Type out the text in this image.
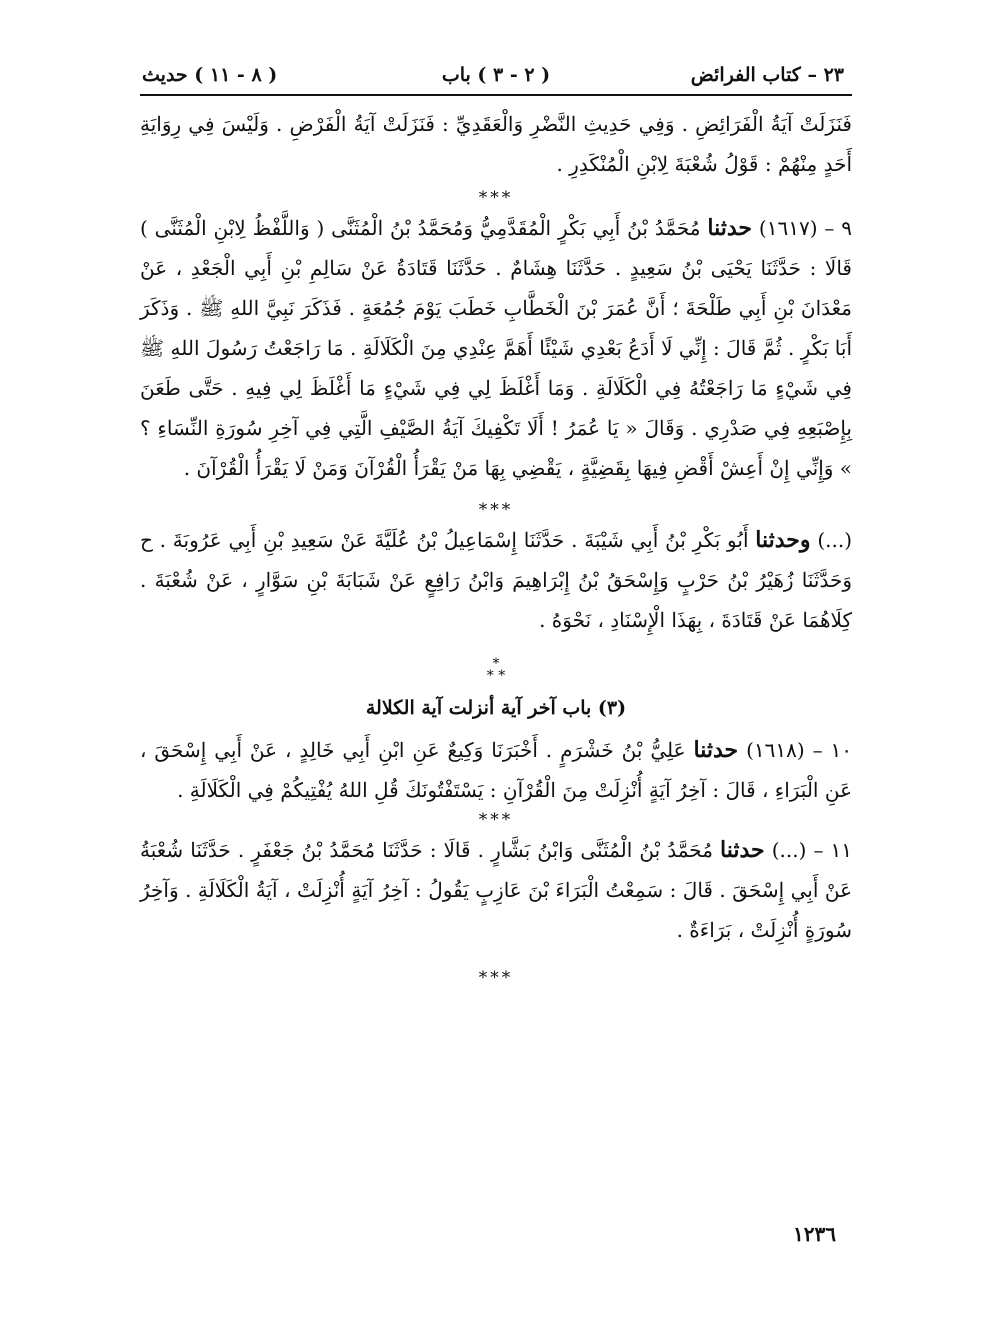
٢٣ – كتاب الفرائض
( ٢ - ٣ ) باب
( ٨ - ١١ ) حديث

فَنَزَلَتْ آيَةُ الْفَرَائِضِ . وَفِي حَدِيثِ النَّضْرِ وَالْعَقَدِيِّ : فَنَزَلَتْ آيَةُ الْفَرْضِ . وَلَيْسَ فِي رِوَايَةِ أَحَدٍ مِنْهُمْ : قَوْلُ شُعْبَةَ لِابْنِ الْمُنْكَدِرِ .

***

٩ – (١٦١٧) حدثنا مُحَمَّدُ بْنُ أَبِي بَكْرٍ الْمُقَدَّمِيُّ وَمُحَمَّدُ بْنُ الْمُثَنَّى ( وَاللَّفْظُ لِابْنِ الْمُثَنَّى ) قَالَا : حَدَّثَنَا يَحْيَى بْنُ سَعِيدٍ . حَدَّثَنَا هِشَامٌ . حَدَّثَنَا قَتَادَةُ عَنْ سَالِمِ بْنِ أَبِي الْجَعْدِ ، عَنْ مَعْدَانَ بْنِ أَبِي طَلْحَةَ ؛ أَنَّ عُمَرَ بْنَ الْخَطَّابِ خَطَبَ يَوْمَ جُمُعَةٍ . فَذَكَرَ نَبِيَّ اللهِ ﷺ . وَذَكَرَ أَبَا بَكْرٍ . ثُمَّ قَالَ : إِنِّي لَا أَدَعُ بَعْدِي شَيْئًا أَهَمَّ عِنْدِي مِنَ الْكَلَالَةِ . مَا رَاجَعْتُ رَسُولَ اللهِ ﷺ فِي شَيْءٍ مَا رَاجَعْتُهُ فِي الْكَلَالَةِ . وَمَا أَغْلَظَ لِي فِي شَيْءٍ مَا أَغْلَظَ لِي فِيهِ . حَتَّى طَعَنَ بِإِصْبَعِهِ فِي صَدْرِي . وَقَالَ « يَا عُمَرُ ! أَلَا تَكْفِيكَ آيَةُ الصَّيْفِ الَّتِي فِي آخِرِ سُورَةِ النِّسَاءِ ؟ » وَإِنِّي إِنْ أَعِشْ أَقْضِ فِيهَا بِقَضِيَّةٍ ، يَقْضِي بِهَا مَنْ يَقْرَأُ الْقُرْآنَ وَمَنْ لَا يَقْرَأُ الْقُرْآنَ .

***

(...) وحدثنا أَبُو بَكْرِ بْنُ أَبِي شَيْبَةَ . حَدَّثَنَا إِسْمَاعِيلُ بْنُ عُلَيَّةَ عَنْ سَعِيدِ بْنِ أَبِي عَرُوبَةَ . ح وَحَدَّثَنَا زُهَيْرُ بْنُ حَرْبٍ وَإِسْحَقُ بْنُ إِبْرَاهِيمَ وَابْنُ رَافِعٍ عَنْ شَبَابَةَ بْنِ سَوَّارٍ ، عَنْ شُعْبَةَ . كِلَاهُمَا عَنْ قَتَادَةَ ، بِهَذَا الْإِسْنَادِ ، نَحْوَهُ .

*
* *
(٣) باب آخر آية أنزلت آية الكلالة

١٠ – (١٦١٨) حدثنا عَلِيُّ بْنُ خَشْرَمٍ . أَخْبَرَنَا وَكِيعٌ عَنِ ابْنِ أَبِي خَالِدٍ ، عَنْ أَبِي إِسْحَقَ ، عَنِ الْبَرَاءِ ، قَالَ : آخِرُ آيَةٍ أُنْزِلَتْ مِنَ الْقُرْآنِ : يَسْتَفْتُونَكَ قُلِ اللهُ يُفْتِيكُمْ فِي الْكَلَالَةِ .

***

١١ – (...) حدثنا مُحَمَّدُ بْنُ الْمُثَنَّى وَابْنُ بَشَّارٍ . قَالَا : حَدَّثَنَا مُحَمَّدُ بْنُ جَعْفَرٍ . حَدَّثَنَا شُعْبَةُ عَنْ أَبِي إِسْحَقَ . قَالَ : سَمِعْتُ الْبَرَاءَ بْنَ عَازِبٍ يَقُولُ : آخِرُ آيَةٍ أُنْزِلَتْ ، آيَةُ الْكَلَالَةِ . وَآخِرُ سُورَةٍ أُنْزِلَتْ ، بَرَاءَةٌ .

***

١٢٣٦
